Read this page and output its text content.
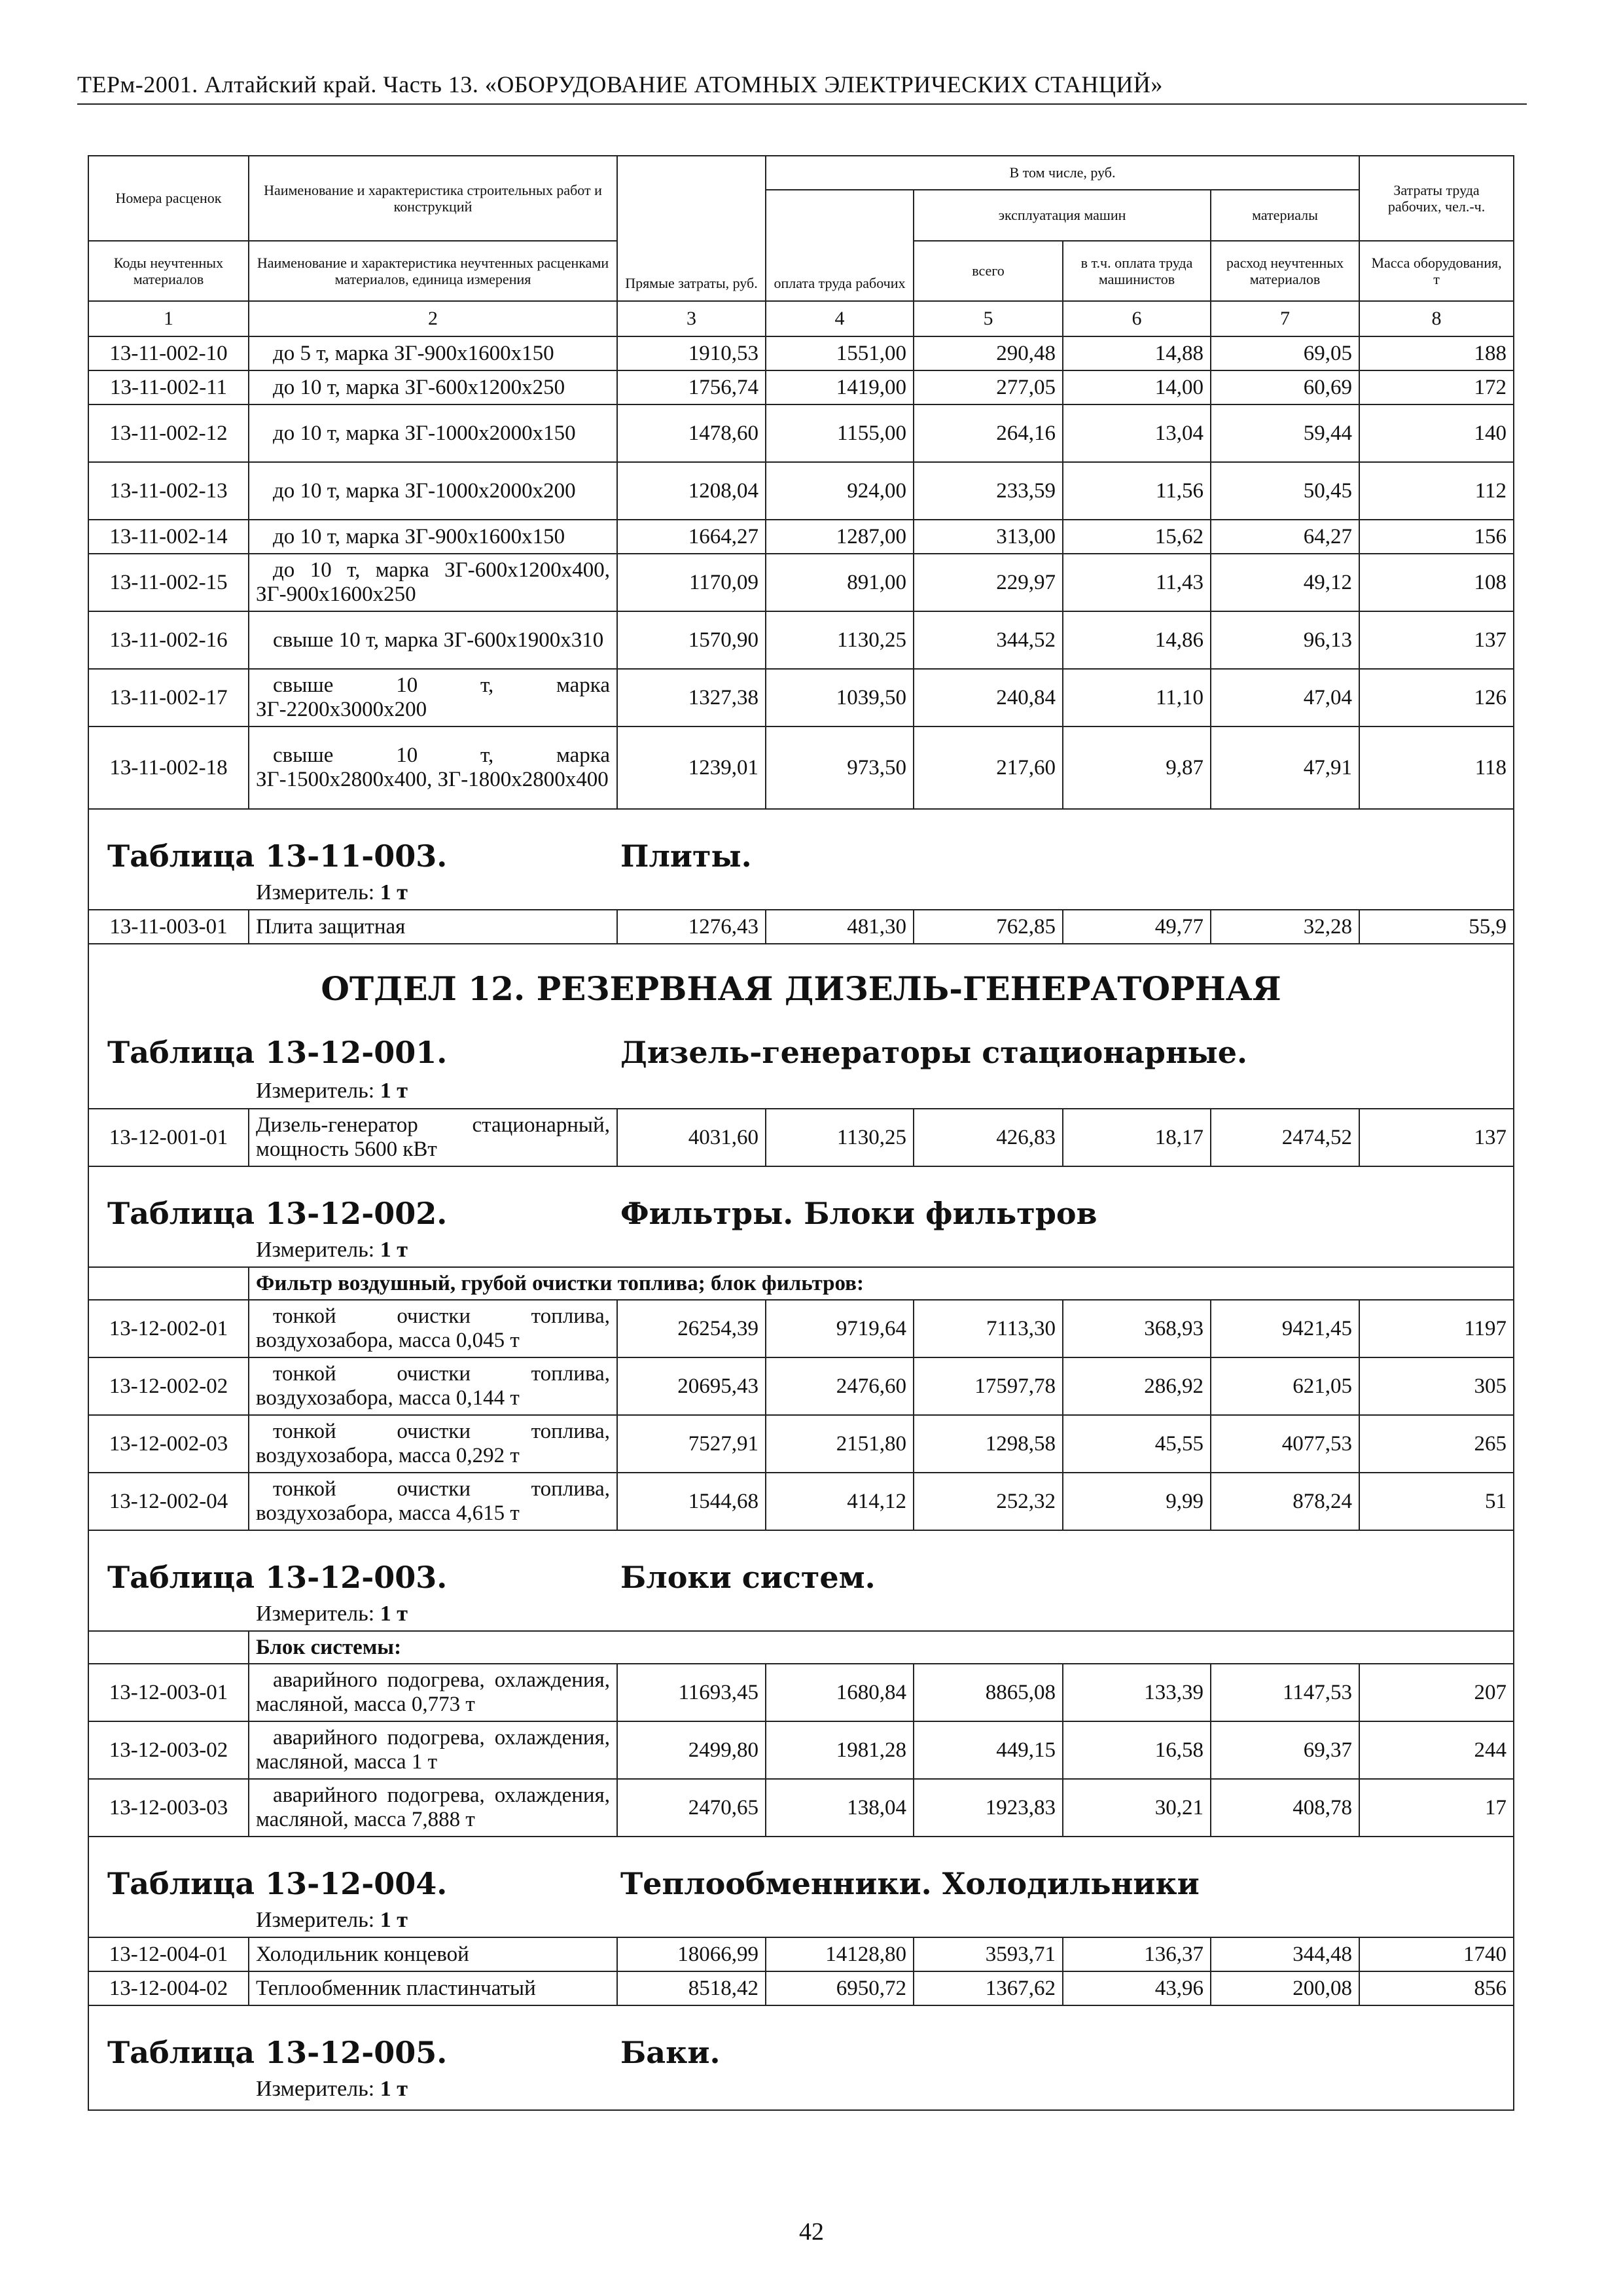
ТЕРм-2001. Алтайский край. Часть 13. «ОБОРУДОВАНИЕ АТОМНЫХ ЭЛЕКТРИЧЕСКИХ СТАНЦИЙ»
Номера расценок	Наименование и характеристика строительных работ и конструкций	Прямые затраты, руб.	В том числе, руб.				Затраты труда рабочих, чел.-ч.
			оплата труда рабочих	эксплуатация машин		материалы	
Коды неучтенных материалов	Наименование и характеристика неучтенных расценками материалов, единица измерения			всего	в т.ч. оплата труда машинистов	расход неучтенных материалов	Масса оборудования, т
1	2	3	4	5	6	7	8
13-11-002-10	до 5 т, марка ЗГ-900х1600х150	1910,53	1551,00	290,48	14,88	69,05	188
13-11-002-11	до 10 т, марка ЗГ-600х1200х250	1756,74	1419,00	277,05	14,00	60,69	172
13-11-002-12	до 10 т, марка ЗГ-1000х2000х150	1478,60	1155,00	264,16	13,04	59,44	140
13-11-002-13	до 10 т, марка ЗГ-1000х2000х200	1208,04	924,00	233,59	11,56	50,45	112
13-11-002-14	до 10 т, марка ЗГ-900х1600х150	1664,27	1287,00	313,00	15,62	64,27	156
13-11-002-15	до 10 т, марка ЗГ-600х1200х400, ЗГ-900х1600х250	1170,09	891,00	229,97	11,43	49,12	108
13-11-002-16	свыше 10 т, марка ЗГ-600х1900х310	1570,90	1130,25	344,52	14,86	96,13	137
13-11-002-17	свыше 10 т, марка ЗГ-2200х3000х200	1327,38	1039,50	240,84	11,10	47,04	126
13-11-002-18	свыше 10 т, марка ЗГ-1500х2800х400, ЗГ-1800х2800х400	1239,01	973,50	217,60	9,87	47,91	118

Таблица 13-11-003. Плиты.
Измеритель: 1 т							

13-11-003-01	Плита защитная	1276,43	481,30	762,85	49,77	32,28	55,9

ОТДЕЛ 12. РЕЗЕРВНАЯ ДИЗЕЛЬ-ГЕНЕРАТОРНАЯ
Таблица 13-12-001. Дизель-генераторы стационарные.
Измеритель: 1 т							

13-12-001-01	Дизель-генератор стационарный, мощность 5600 кВт	4031,60	1130,25	426,83	18,17	2474,52	137

Таблица 13-12-002. Фильтры. Блоки фильтров
Измеритель: 1 т							

	Фильтр воздушный, грубой очистки топлива; блок фильтров:						
13-12-002-01	тонкой очистки топлива, воздухозабора, масса 0,045 т	26254,39	9719,64	7113,30	368,93	9421,45	1197
13-12-002-02	тонкой очистки топлива, воздухозабора, масса 0,144 т	20695,43	2476,60	17597,78	286,92	621,05	305
13-12-002-03	тонкой очистки топлива, воздухозабора, масса 0,292 т	7527,91	2151,80	1298,58	45,55	4077,53	265
13-12-002-04	тонкой очистки топлива, воздухозабора, масса 4,615 т	1544,68	414,12	252,32	9,99	878,24	51

Таблица 13-12-003. Блоки систем.
Измеритель: 1 т							

	Блок системы:						
13-12-003-01	аварийного подогрева, охлаждения, масляной, масса 0,773 т	11693,45	1680,84	8865,08	133,39	1147,53	207
13-12-003-02	аварийного подогрева, охлаждения, масляной, масса 1 т	2499,80	1981,28	449,15	16,58	69,37	244
13-12-003-03	аварийного подогрева, охлаждения, масляной, масса 7,888 т	2470,65	138,04	1923,83	30,21	408,78	17

Таблица 13-12-004. Теплообменники. Холодильники
Измеритель: 1 т							

13-12-004-01	Холодильник концевой	18066,99	14128,80	3593,71	136,37	344,48	1740
13-12-004-02	Теплообменник пластинчатый	8518,42	6950,72	1367,62	43,96	200,08	856

Таблица 13-12-005. Баки.
Измеритель: 1 т							
42
